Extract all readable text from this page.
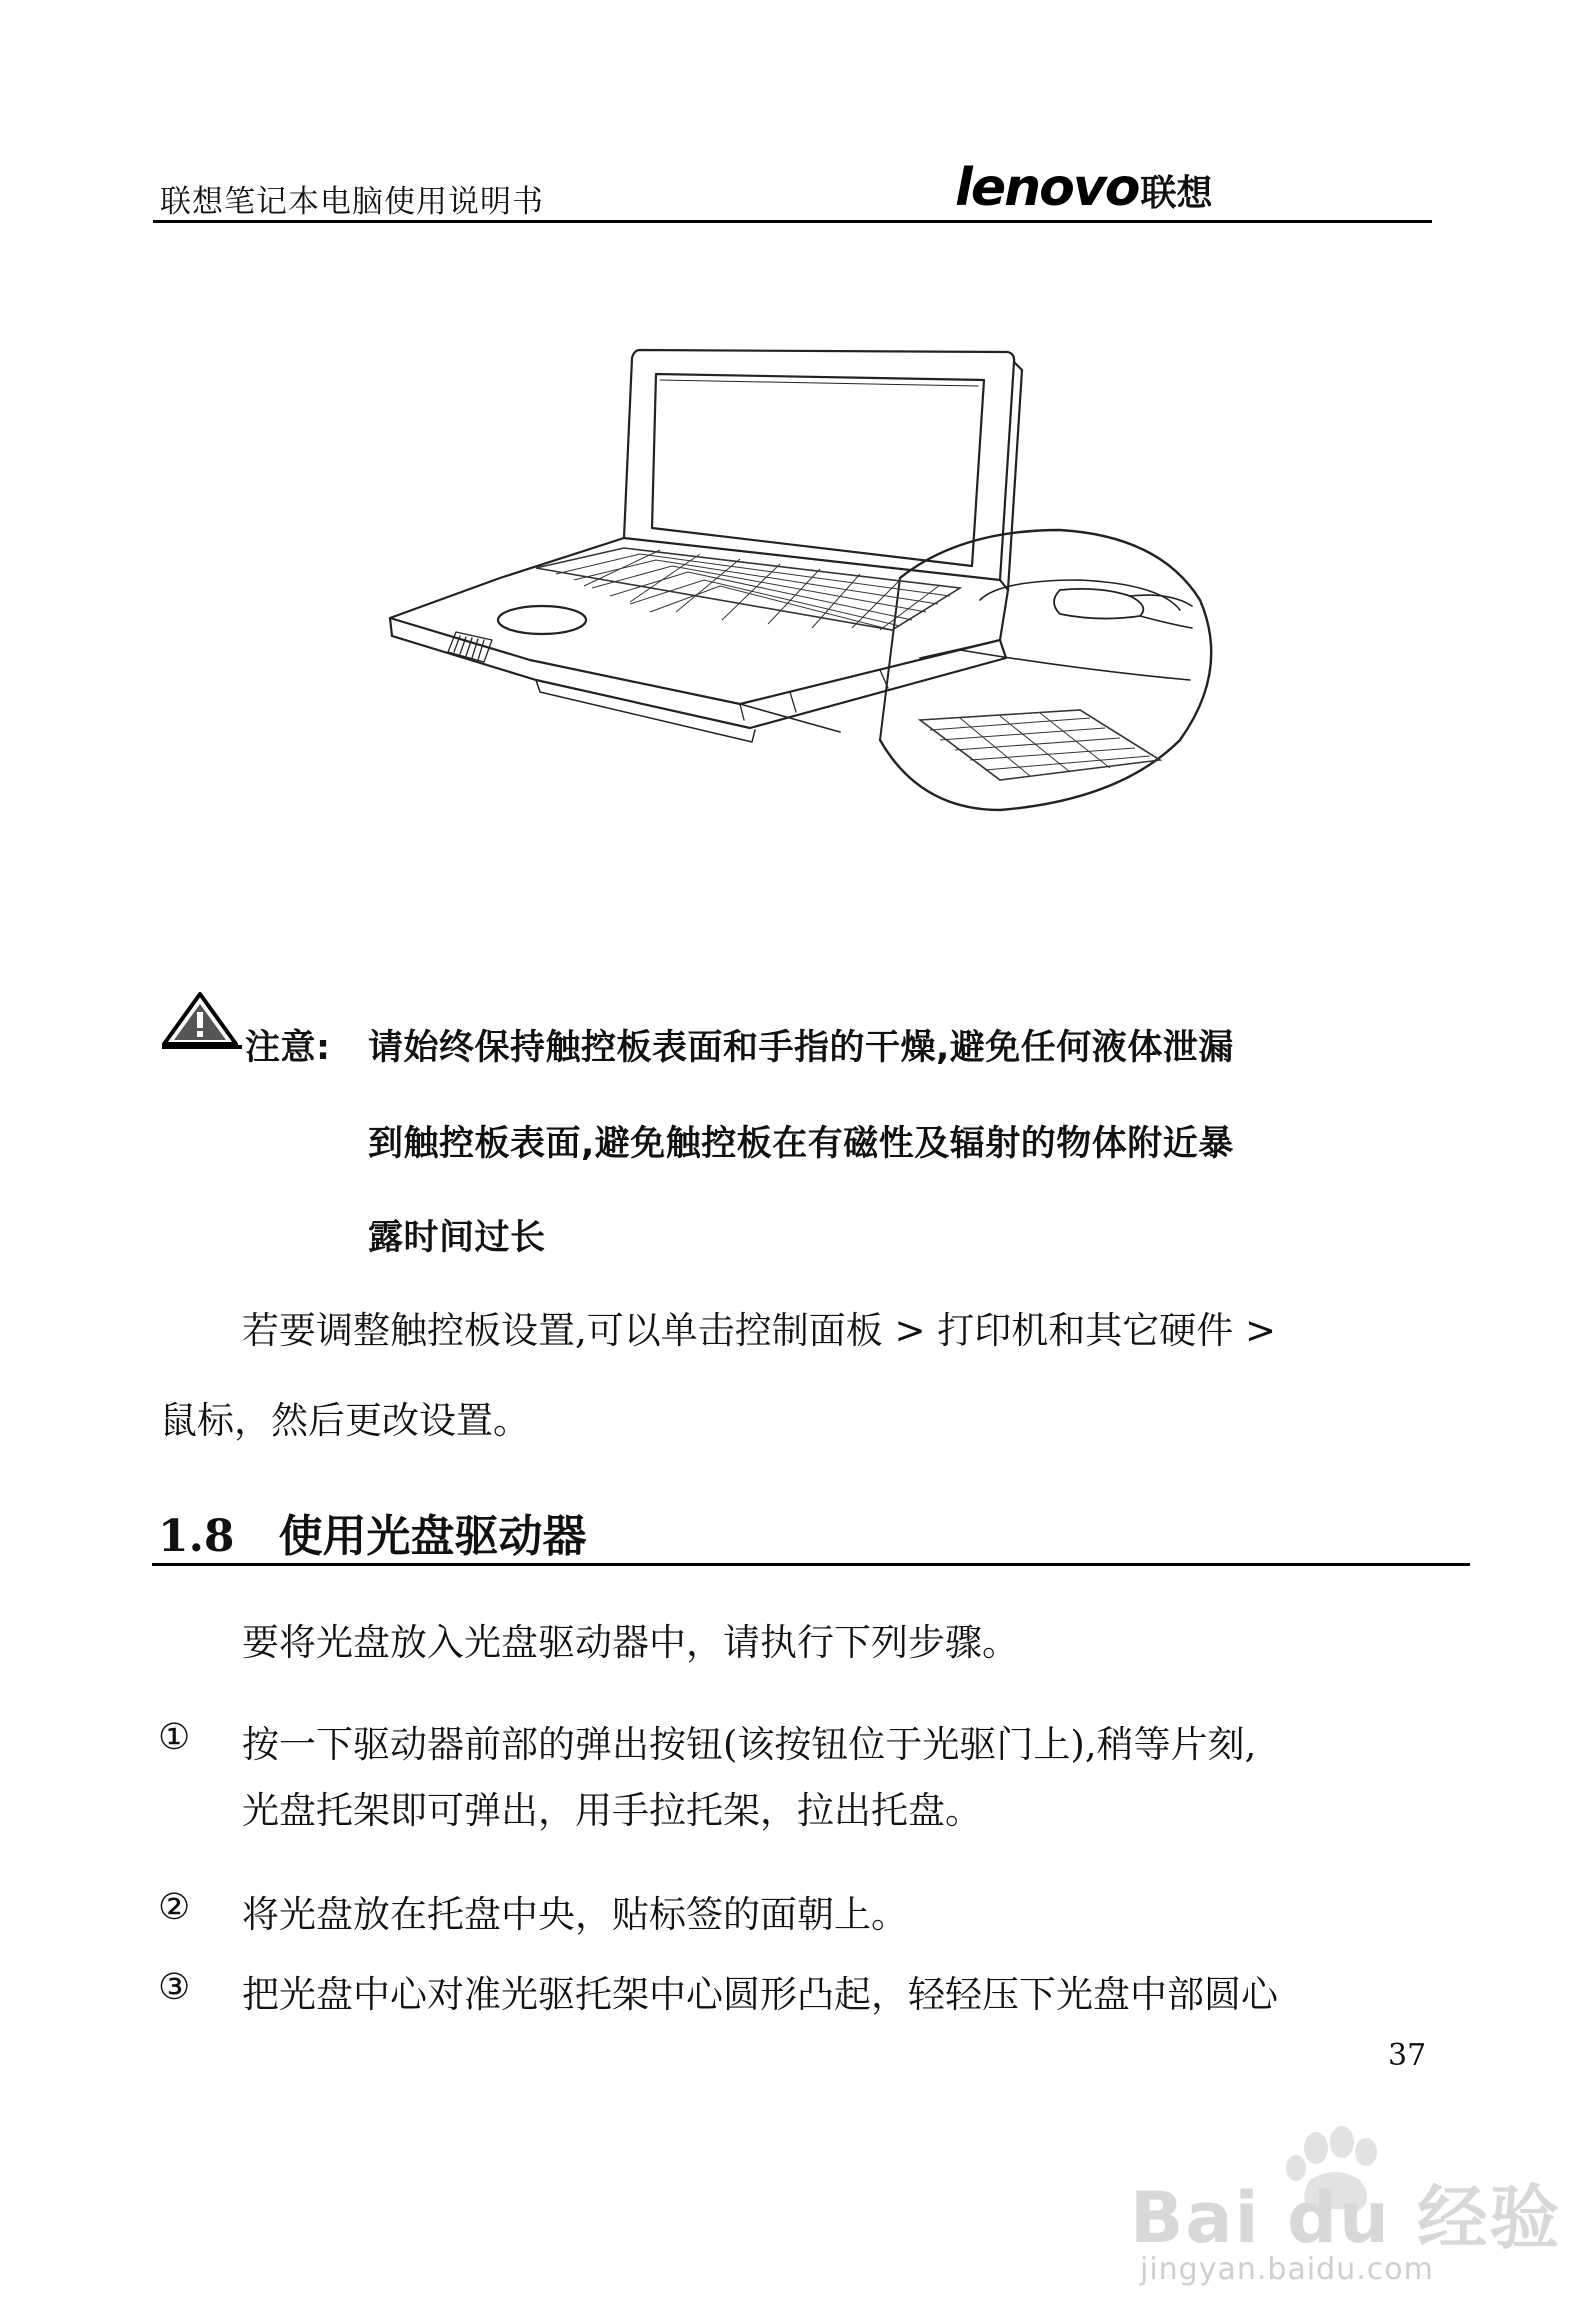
联想笔记本电脑使用说明书	lenovo 联想
注意: 请始终保持触控板表面和手指的干燥,避免任何液体泄漏
到触控板表面,避免触控板在有磁性及辐射的物体附近暴
露时间过长
若要调整触控板设置,可以单击控制面板 > 打印机和其它硬件 >
鼠标，然后更改设置。
1.8 使用光盘驱动器
要将光盘放入光盘驱动器中，请执行下列步骤。
① 按一下驱动器前部的弹出按钮(该按钮位于光驱门上),稍等片刻,
光盘托架即可弹出，用手拉托架，拉出托盘。
② 将光盘放在托盘中央，贴标签的面朝上。
③ 把光盘中心对准光驱托架中心圆形凸起，轻轻压下光盘中部圆心
37
Bai du 经验
jingyan.baidu.com
